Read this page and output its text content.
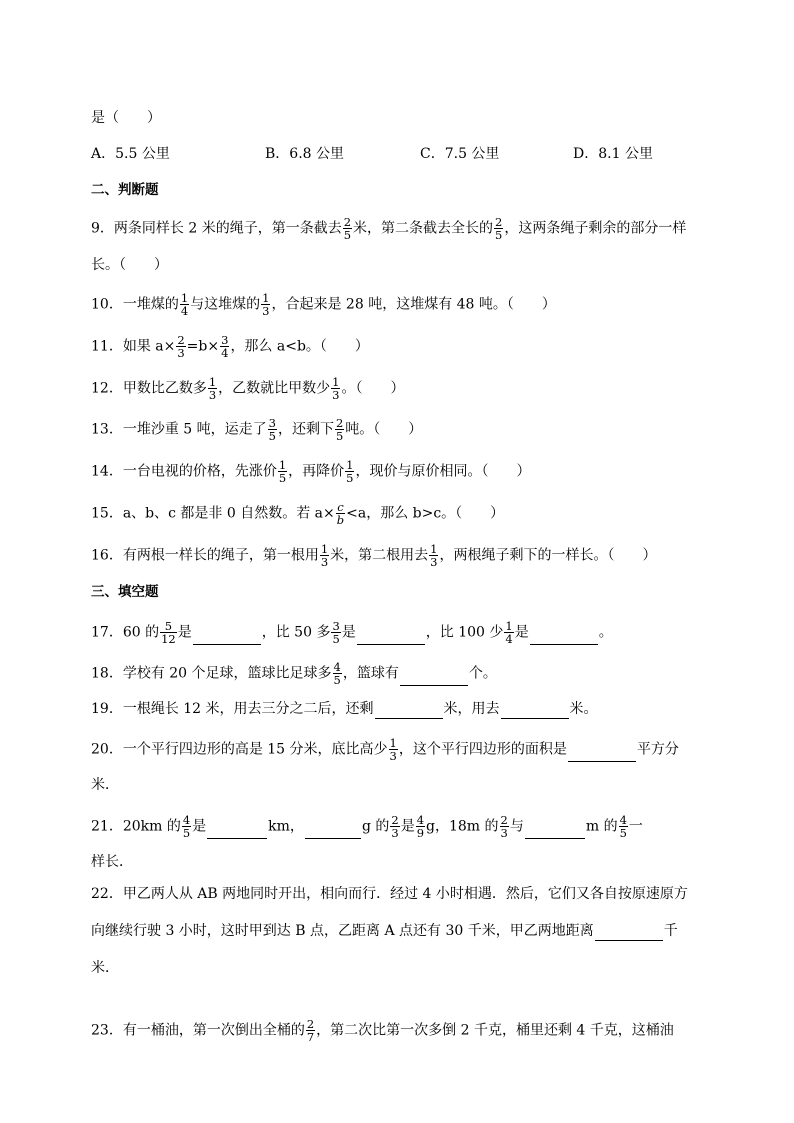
是（　　）
A．5.5 公里	B．6.8 公里	C．7.5 公里	D．8.1 公里
二、判断题
9．两条同样长 2 米的绳子，第一条截去 $\frac{2}{5}$ 米，第二条截去全长的 $\frac{2}{5}$ ，这两条绳子剩余的部分一样
长。（　　）
10．一堆煤的 $\frac{1}{4}$ 与这堆煤的 $\frac{1}{3}$ ，合起来是 28 吨，这堆煤有 48 吨。（　　）
11．如果 $a\times \frac{2}{3} =b\times \frac{3}{4}$ ，那么 a<b。（　　）
12．甲数比乙数多 $\frac{1}{3}$ ，乙数就比甲数少 $\frac{1}{3}$ 。（　　）
13．一堆沙重 5 吨，运走了 $\frac{3}{5}$ ，还剩下 $\frac{2}{5}$ 吨。（　　）
14．一台电视的价格，先涨价 $\frac{1}{5}$ ，再降价 $\frac{1}{5}$ ，现价与原价相同。（　　）
15．a、b、c 都是非 0 自然数。若 $a\times \frac{c}{b} <a$，那么 b>c。（　　）
16．有两根一样长的绳子，第一根用 $\frac{1}{3}$ 米，第二根用去 $\frac{1}{3}$ ，两根绳子剩下的一样长。（　　）
三、填空题
17．60 的 $\frac{5}{12}$ 是	，比 50 多 $\frac{3}{5}$ 是	，比 100 少 $\frac{1}{4}$ 是	。
18．学校有 20 个足球，篮球比足球多 $\frac{4}{5}$ ，篮球有	个。
19．一根绳长 12 米，用去三分之二后，还剩	米，用去	米。
20．一个平行四边形的高是 15 分米，底比高少 $\frac{1}{3}$ ，这个平行四边形的面积是	平方分
米．
21．20km 的 $\frac{4}{5}$ 是	km，	g 的 $\frac{2}{3}$ 是 $\frac{4}{9}$ g，18m 的 $\frac{2}{3}$ 与	m 的 $\frac{4}{5}$ 一
样长．
22．甲乙两人从 AB 两地同时开出，相向而行．经过 4 小时相遇．然后，它们又各自按原速原方
向继续行驶 3 小时，这时甲到达 B 点，乙距离 A 点还有 30 千米，甲乙两地距离	千
米．
23．有一桶油，第一次倒出全桶的 $\frac{2}{7}$ ，第二次比第一次多倒 2 千克，桶里还剩 4 千克，这桶油
